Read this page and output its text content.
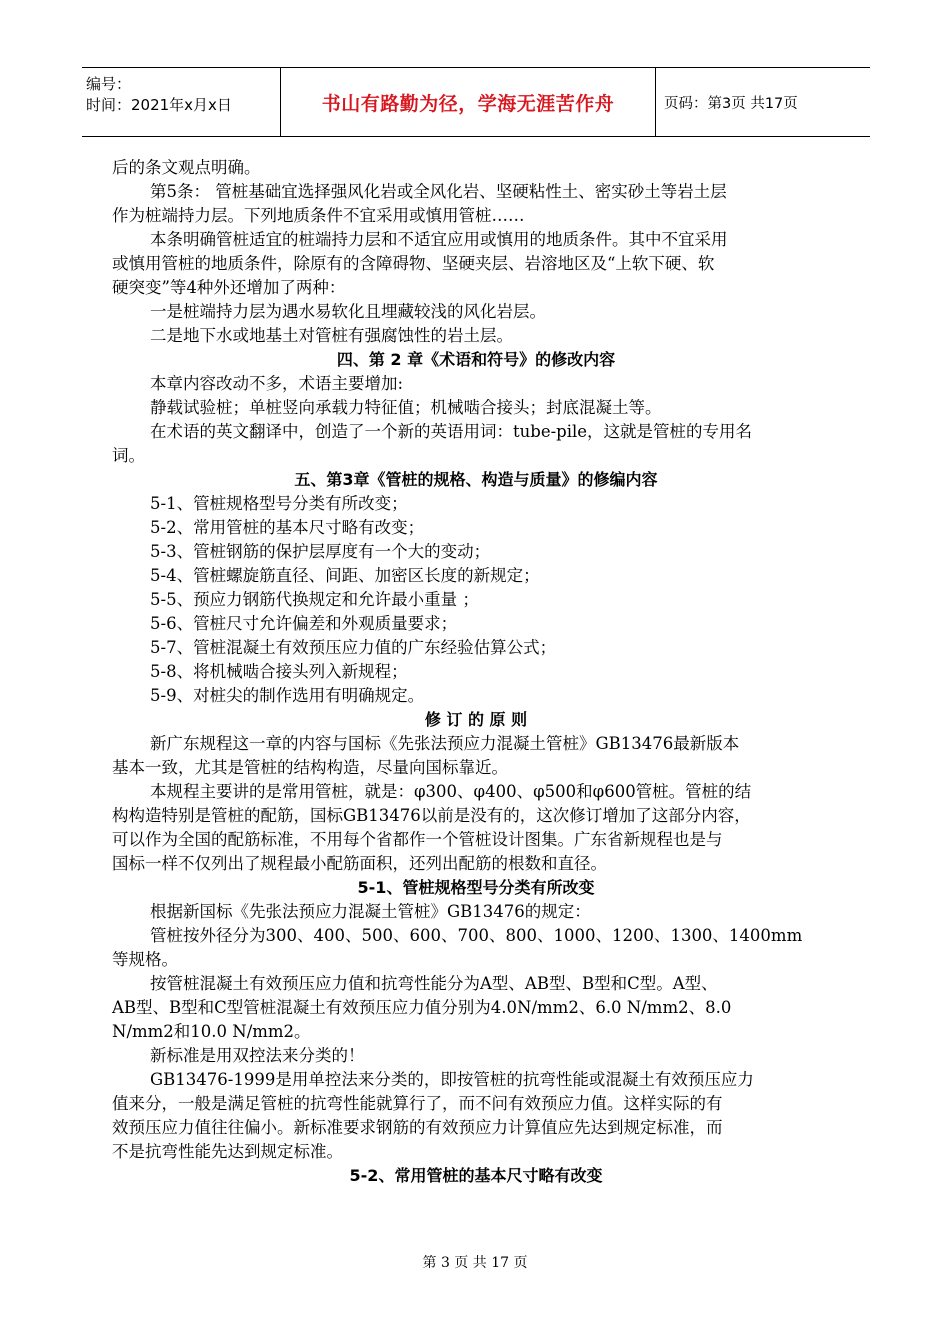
编号：
时间：2021年x月x日	书山有路勤为径，学海无涯苦作舟	页码：第3页 共17页
后的条文观点明确。
第5条： 管桩基础宜选择强风化岩或全风化岩、坚硬粘性土、密实砂土等岩土层
作为桩端持力层。下列地质条件不宜采用或慎用管桩……
本条明确管桩适宜的桩端持力层和不适宜应用或慎用的地质条件。其中不宜采用
或慎用管桩的地质条件，除原有的含障碍物、坚硬夹层、岩溶地区及“上软下硬、软
硬突变”等4种外还增加了两种：
一是桩端持力层为遇水易软化且埋藏较浅的风化岩层。
二是地下水或地基土对管桩有强腐蚀性的岩土层。
四、第 2 章《术语和符号》的修改内容
本章内容改动不多，术语主要增加:
静载试验桩；单桩竖向承载力特征值；机械啮合接头；封底混凝土等。
在术语的英文翻译中，创造了一个新的英语用词：tube-pile，这就是管桩的专用名
词。
五、第3章《管桩的规格、构造与质量》的修编内容
5-1、管桩规格型号分类有所改变；
5-2、常用管桩的基本尺寸略有改变；
5-3、管桩钢筋的保护层厚度有一个大的变动；
5-4、管桩螺旋筋直径、间距、加密区长度的新规定；
5-5、预应力钢筋代换规定和允许最小重量 ；
5-6、管桩尺寸允许偏差和外观质量要求；
5-7、管桩混凝土有效预压应力值的广东经验估算公式；
5-8、将机械啮合接头列入新规程；
5-9、对桩尖的制作选用有明确规定。
修 订 的 原 则
新广东规程这一章的内容与国标《先张法预应力混凝土管桩》GB13476最新版本
基本一致，尤其是管桩的结构构造，尽量向国标靠近。
本规程主要讲的是常用管桩，就是：φ300、φ400、φ500和φ600管桩。管桩的结
构构造特别是管桩的配筋，国标GB13476以前是没有的，这次修订增加了这部分内容，
可以作为全国的配筋标准，不用每个省都作一个管桩设计图集。广东省新规程也是与
国标一样不仅列出了规程最小配筋面积，还列出配筋的根数和直径。
5-1、管桩规格型号分类有所改变
根据新国标《先张法预应力混凝土管桩》GB13476的规定：
管桩按外径分为300、400、500、600、700、800、1000、1200、1300、1400mm
等规格。
按管桩混凝土有效预压应力值和抗弯性能分为A型、AB型、B型和C型。A型、
AB型、B型和C型管桩混凝土有效预压应力值分别为4.0N/mm2、6.0 N/mm2、8.0
N/mm2和10.0 N/mm2。
新标准是用双控法来分类的！
GB13476-1999是用单控法来分类的，即按管桩的抗弯性能或混凝土有效预压应力
值来分，一般是满足管桩的抗弯性能就算行了，而不问有效预应力值。这样实际的有
效预压应力值往往偏小。新标准要求钢筋的有效预应力计算值应先达到规定标准，而
不是抗弯性能先达到规定标准。
5-2、常用管桩的基本尺寸略有改变
第 3 页 共 17 页
